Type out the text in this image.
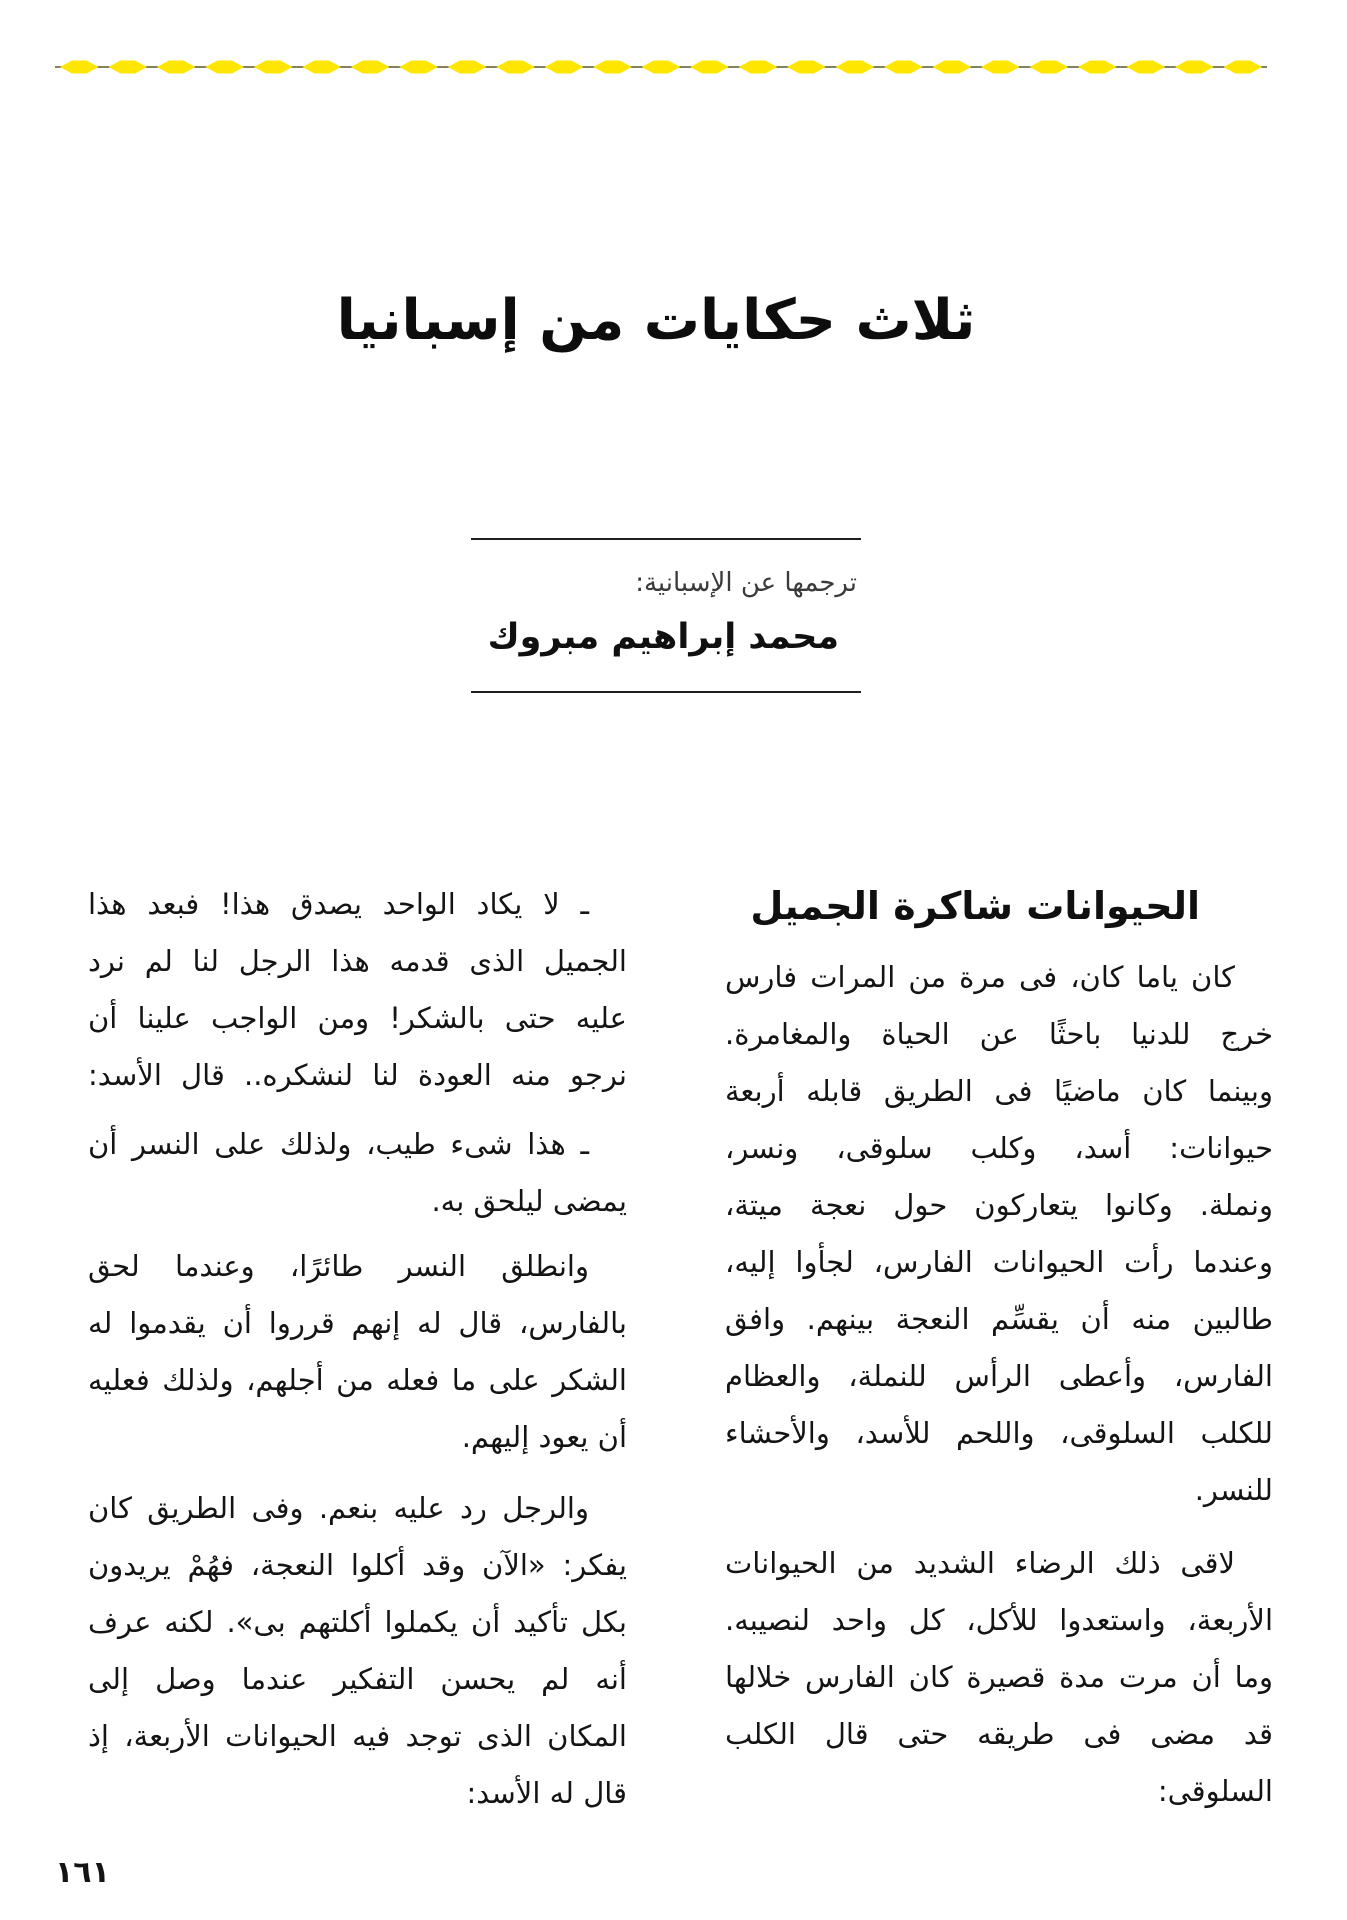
ثلاث حكايات من إسبانيا
ترجمها عن الإسبانية:
محمد إبراهيم مبروك
الحيوانات شاكرة الجميل
كان ياما كان، فى مرة من المرات فارس
خرج للدنيا باحثًا عن الحياة والمغامرة.
وبينما كان ماضيًا فى الطريق قابله أربعة
حيوانات: أسد، وكلب سلوقى، ونسر،
ونملة. وكانوا يتعاركون حول نعجة ميتة،
وعندما رأت الحيوانات الفارس، لجأوا إليه،
طالبين منه أن يقسِّم النعجة بينهم. وافق
الفارس، وأعطى الرأس للنملة، والعظام
للكلب السلوقى، واللحم للأسد، والأحشاء
للنسر.
لاقى ذلك الرضاء الشديد من الحيوانات
الأربعة، واستعدوا للأكل، كل واحد لنصيبه.
وما أن مرت مدة قصيرة كان الفارس خلالها
قد مضى فى طريقه حتى قال الكلب
السلوقى:
ـ لا يكاد الواحد يصدق هذا! فبعد هذا
الجميل الذى قدمه هذا الرجل لنا لم نرد
عليه حتى بالشكر! ومن الواجب علينا أن
نرجو منه العودة لنا لنشكره.. قال الأسد:
ـ هذا شىء طيب، ولذلك على النسر أن
يمضى ليلحق به.
وانطلق النسر طائرًا، وعندما لحق
بالفارس، قال له إنهم قرروا أن يقدموا له
الشكر على ما فعله من أجلهم، ولذلك فعليه
أن يعود إليهم.
والرجل رد عليه بنعم. وفى الطريق كان
يفكر: «الآن وقد أكلوا النعجة، فهُمْ يريدون
بكل تأكيد أن يكملوا أكلتهم بى». لكنه عرف
أنه لم يحسن التفكير عندما وصل إلى
المكان الذى توجد فيه الحيوانات الأربعة، إذ
قال له الأسد:
١٦١
